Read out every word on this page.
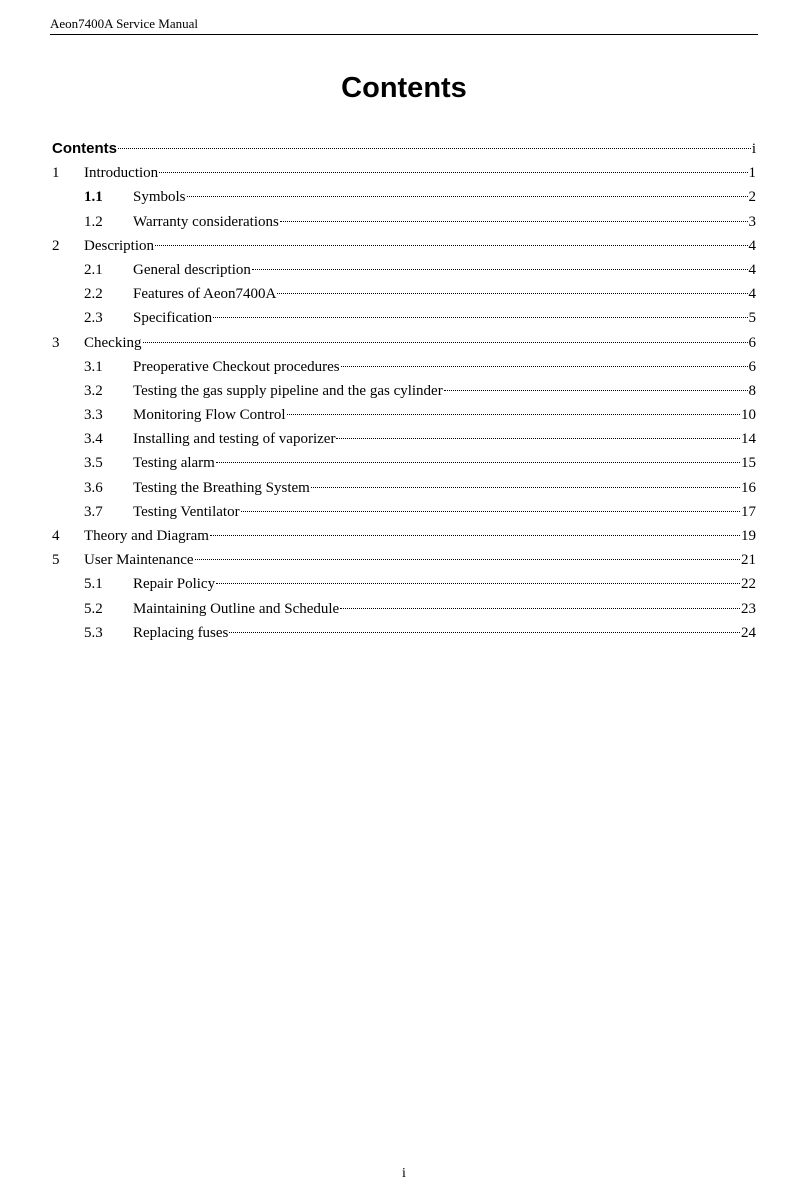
Aeon7400A Service Manual
Contents
Contents	i
1	Introduction	1
1.1	Symbols	2
1.2	Warranty considerations	3
2	Description	4
2.1	General description	4
2.2	Features of Aeon7400A	4
2.3	Specification	5
3	Checking	6
3.1	Preoperative Checkout procedures	6
3.2	Testing the gas supply pipeline and the gas cylinder	8
3.3	Monitoring Flow Control	10
3.4	Installing and testing of vaporizer	14
3.5	Testing alarm	15
3.6	Testing the Breathing System	16
3.7	Testing Ventilator	17
4	Theory and Diagram	19
5	User Maintenance	21
5.1	Repair Policy	22
5.2	Maintaining Outline and Schedule	23
5.3	Replacing fuses	24
i
